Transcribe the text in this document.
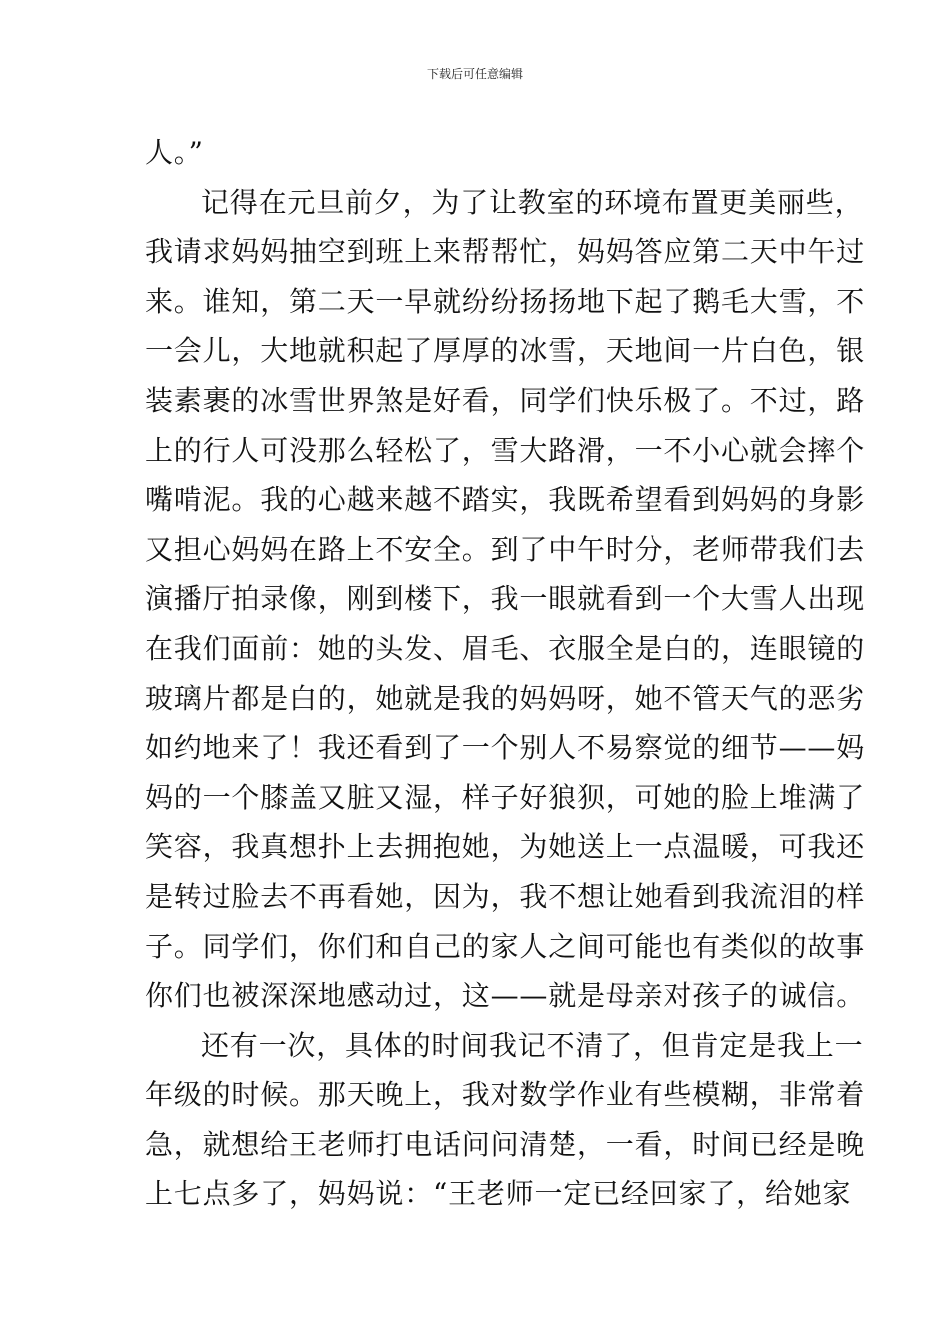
下载后可任意编辑
人。”
记得在元旦前夕，为了让教室的环境布置更美丽些，
我请求妈妈抽空到班上来帮帮忙，妈妈答应第二天中午过
来。谁知，第二天一早就纷纷扬扬地下起了鹅毛大雪，不
一会儿，大地就积起了厚厚的冰雪，天地间一片白色，银
装素裹的冰雪世界煞是好看，同学们快乐极了。不过，路
上的行人可没那么轻松了，雪大路滑，一不小心就会摔个
嘴啃泥。我的心越来越不踏实，我既希望看到妈妈的身影
又担心妈妈在路上不安全。到了中午时分，老师带我们去
演播厅拍录像，刚到楼下，我一眼就看到一个大雪人出现
在我们面前：她的头发、眉毛、衣服全是白的，连眼镜的
玻璃片都是白的，她就是我的妈妈呀，她不管天气的恶劣
如约地来了！我还看到了一个别人不易察觉的细节——妈
妈的一个膝盖又脏又湿，样子好狼狈，可她的脸上堆满了
笑容，我真想扑上去拥抱她，为她送上一点温暖，可我还
是转过脸去不再看她，因为，我不想让她看到我流泪的样
子。同学们，你们和自己的家人之间可能也有类似的故事
你们也被深深地感动过，这——就是母亲对孩子的诚信。
还有一次，具体的时间我记不清了，但肯定是我上一
年级的时候。那天晚上，我对数学作业有些模糊，非常着
急，就想给王老师打电话问问清楚，一看，时间已经是晚
上七点多了，妈妈说：“王老师一定已经回家了，给她家
